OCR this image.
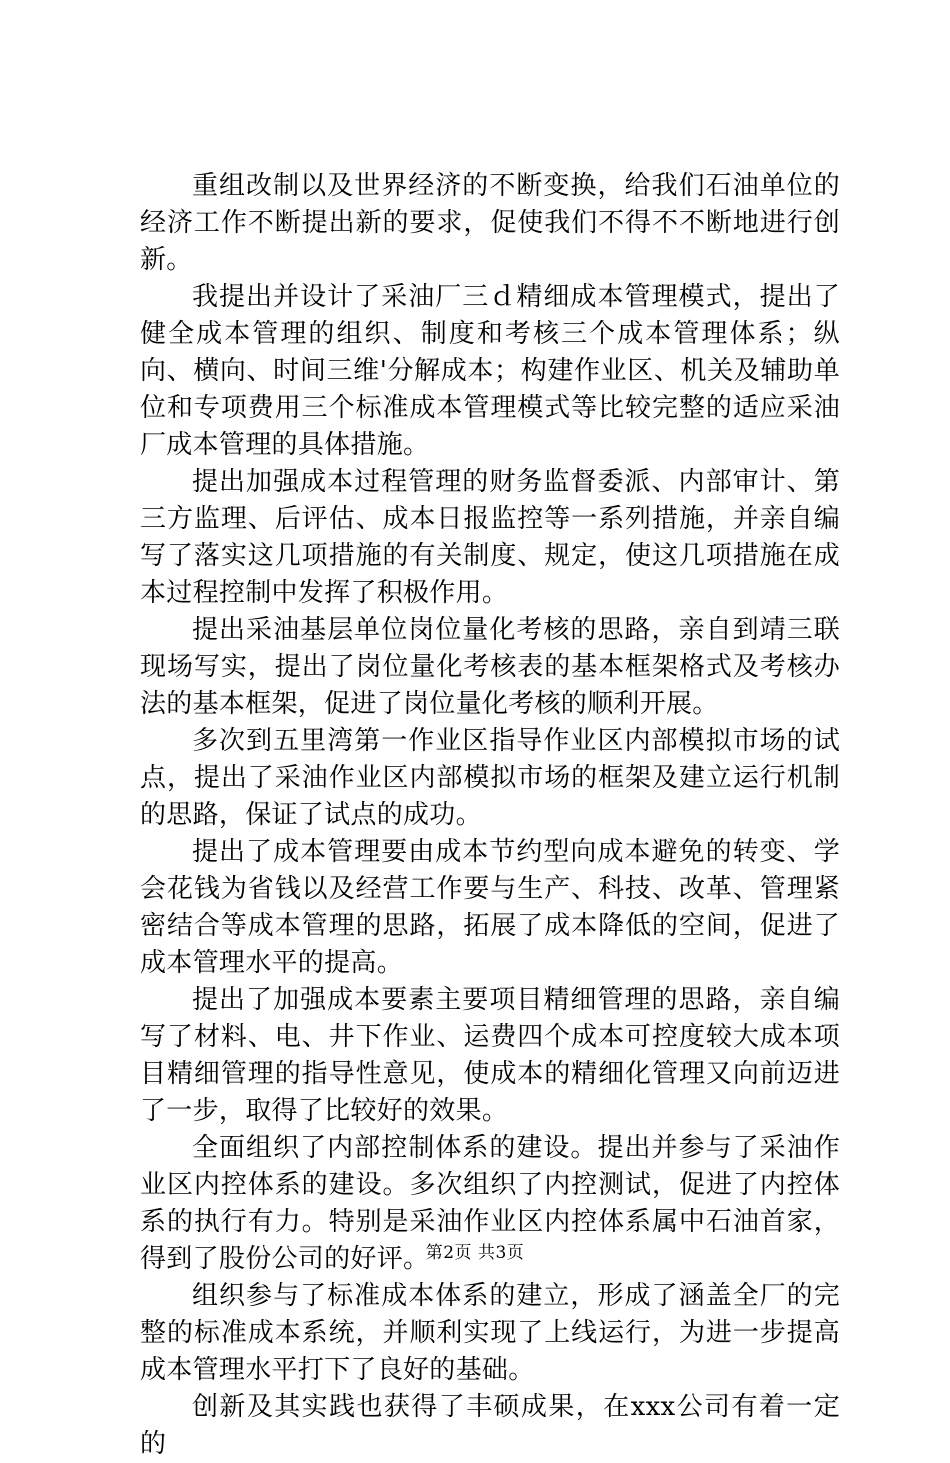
重组改制以及世界经济的不断变换，给我们石油单位的经济工作不断提出新的要求，促使我们不得不不断地进行创新。

我提出并设计了采油厂三ｄ精细成本管理模式，提出了健全成本管理的组织、制度和考核三个成本管理体系；纵向、横向、时间三维'分解成本；构建作业区、机关及辅助单位和专项费用三个标准成本管理模式等比较完整的适应采油厂成本管理的具体措施。

提出加强成本过程管理的财务监督委派、内部审计、第三方监理、后评估、成本日报监控等一系列措施，并亲自编写了落实这几项措施的有关制度、规定，使这几项措施在成本过程控制中发挥了积极作用。

提出采油基层单位岗位量化考核的思路，亲自到靖三联现场写实，提出了岗位量化考核表的基本框架格式及考核办法的基本框架，促进了岗位量化考核的顺利开展。

多次到五里湾第一作业区指导作业区内部模拟市场的试点，提出了采油作业区内部模拟市场的框架及建立运行机制的思路，保证了试点的成功。

提出了成本管理要由成本节约型向成本避免的转变、学会花钱为省钱以及经营工作要与生产、科技、改革、管理紧密结合等成本管理的思路，拓展了成本降低的空间，促进了成本管理水平的提高。

提出了加强成本要素主要项目精细管理的思路，亲自编写了材料、电、井下作业、运费四个成本可控度较大成本项目精细管理的指导性意见，使成本的精细化管理又向前迈进了一步，取得了比较好的效果。

全面组织了内部控制体系的建设。提出并参与了采油作业区内控体系的建设。多次组织了内控测试，促进了内控体系的执行有力。特别是采油作业区内控体系属中石油首家，得到了股份公司的好评。

组织参与了标准成本体系的建立，形成了涵盖全厂的完整的标准成本系统，并顺利实现了上线运行，为进一步提高成本管理水平打下了良好的基础。

创新及其实践也获得了丰硕成果，在xxx公司有着一定的

第2页 共3页
